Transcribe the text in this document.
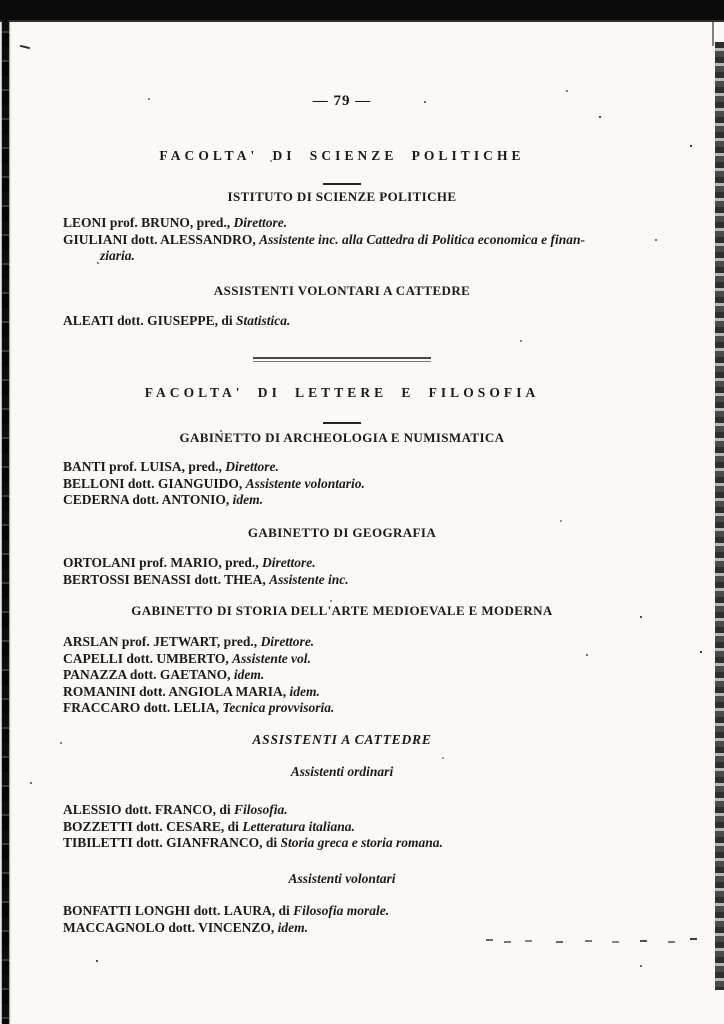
— 79 —
FACOLTA' DI SCIENZE POLITICHE
ISTITUTO DI SCIENZE POLITICHE
LEONI prof. BRUNO, pred., Direttore.
GIULIANI dott. ALESSANDRO, Assistente inc. alla Cattedra di Politica economica e finan-
ziaria.
ASSISTENTI VOLONTARI A CATTEDRE
ALEATI dott. GIUSEPPE, di Statistica.
FACOLTA' DI LETTERE E FILOSOFIA
GABINETTO DI ARCHEOLOGIA E NUMISMATICA
BANTI prof. LUISA, pred., Direttore.
BELLONI dott. GIANGUIDO, Assistente volontario.
CEDERNA dott. ANTONIO, idem.
GABINETTO DI GEOGRAFIA
ORTOLANI prof. MARIO, pred., Direttore.
BERTOSSI BENASSI dott. THEA, Assistente inc.
GABINETTO DI STORIA DELL'ARTE MEDIOEVALE E MODERNA
ARSLAN prof. JETWART, pred., Direttore.
CAPELLI dott. UMBERTO, Assistente vol.
PANAZZA dott. GAETANO, idem.
ROMANINI dott. ANGIOLA MARIA, idem.
FRACCARO dott. LELIA, Tecnica provvisoria.
ASSISTENTI A CATTEDRE
Assistenti ordinari
ALESSIO dott. FRANCO, di Filosofia.
BOZZETTI dott. CESARE, di Letteratura italiana.
TIBILETTI dott. GIANFRANCO, di Storia greca e storia romana.
Assistenti volontari
BONFATTI LONGHI dott. LAURA, di Filosofia morale.
MACCAGNOLO dott. VINCENZO, idem.
